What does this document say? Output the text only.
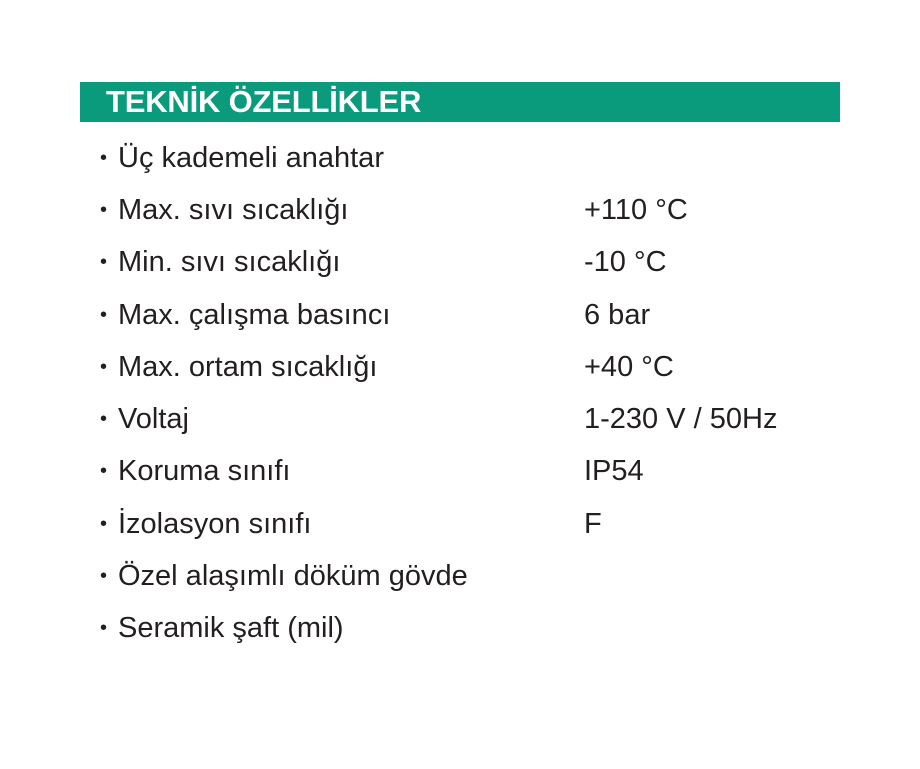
TEKNİK ÖZELLİKLER
• Üç kademeli anahtar
• Max. sıvı sıcaklığı	+110 °C
• Min. sıvı sıcaklığı	-10 °C
• Max. çalışma basıncı	6 bar
• Max. ortam sıcaklığı	+40 °C
• Voltaj	1-230 V / 50Hz
• Koruma sınıfı	IP54
• İzolasyon sınıfı	F
• Özel alaşımlı döküm gövde
• Seramik şaft (mil)
